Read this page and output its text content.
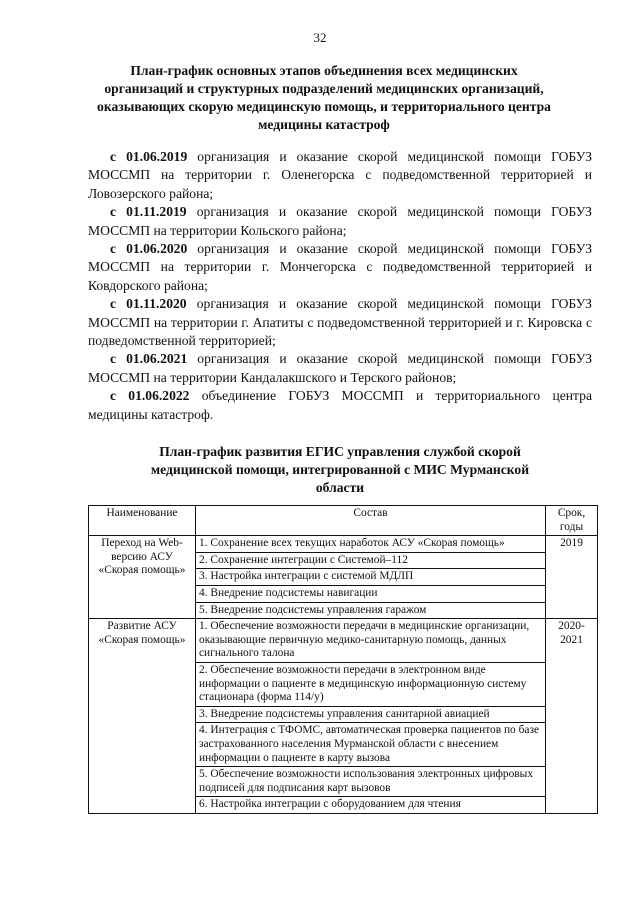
32
План-график основных этапов объединения всех медицинских организаций и структурных подразделений медицинских организаций, оказывающих скорую медицинскую помощь, и территориального центра медицины катастроф

с 01.06.2019 организация и оказание скорой медицинской помощи ГОБУЗ МОССМП на территории г. Оленегорска с подведомственной территорией и Ловозерского района;

с 01.11.2019 организация и оказание скорой медицинской помощи ГОБУЗ МОССМП на территории Кольского района;

с 01.06.2020 организация и оказание скорой медицинской помощи ГОБУЗ МОССМП на территории г. Мончегорска с подведомственной территорией и Ковдорского района;

с 01.11.2020 организация и оказание скорой медицинской помощи ГОБУЗ МОССМП на территории г. Апатиты с подведомственной территорией и г. Кировска с подведомственной территорией;

с 01.06.2021 организация и оказание скорой медицинской помощи ГОБУЗ МОССМП на территории Кандалакшского и Терского районов;

с 01.06.2022 объединение ГОБУЗ МОССМП и территориального центра медицины катастроф.

План-график развития ЕГИС управления службой скорой медицинской помощи, интегрированной с МИС Мурманской области
Наименование	Состав	Срок, годы
Переход на Web-версию АСУ «Скорая помощь»	1. Сохранение всех текущих наработок АСУ «Скорая помощь»	2019
	2. Сохранение интеграции с Системой–112	
	3. Настройка интеграции с системой МДЛП	
	4. Внедрение подсистемы навигации	
	5. Внедрение подсистемы управления гаражом	
Развитие АСУ «Скорая помощь»	1. Обеспечение возможности передачи в медицинские организации, оказывающие первичную медико-санитарную помощь, данных сигнального талона	2020-2021
	2. Обеспечение возможности передачи в электронном виде информации о пациенте в медицинскую информационную систему стационара (форма 114/у)	
	3. Внедрение подсистемы управления санитарной авиацией	
	4. Интеграция с ТФОМС, автоматическая проверка пациентов по базе застрахованного населения Мурманской области с внесением информации о пациенте в карту вызова	
	5. Обеспечение возможности использования электронных цифровых подписей для подписания карт вызовов	
	6. Настройка интеграции с оборудованием для чтения	
